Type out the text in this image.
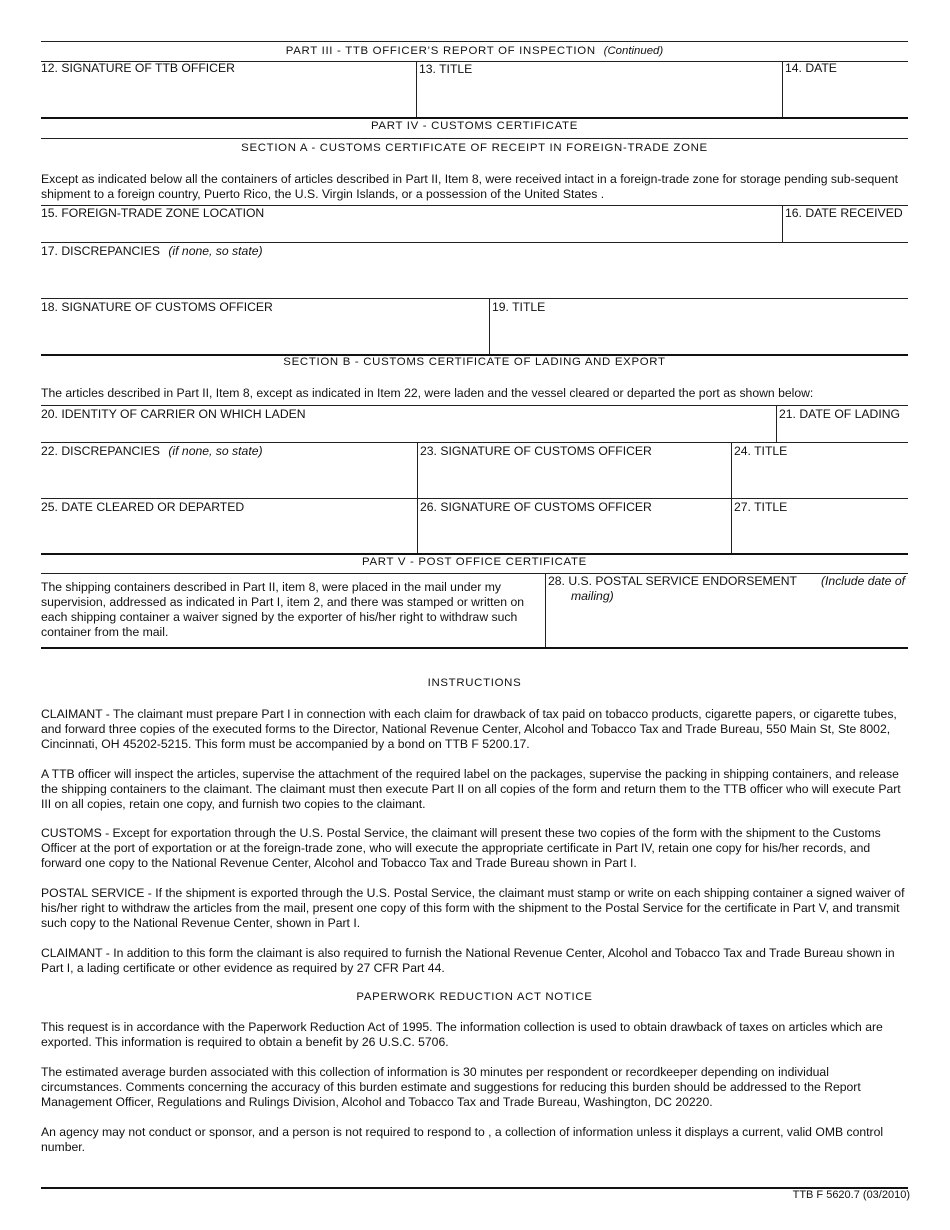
PART III - TTB OFFICER’S REPORT OF INSPECTION (Continued)
12. SIGNATURE OF TTB OFFICER	13. TITLE	14. DATE
PART IV - CUSTOMS CERTIFICATE
SECTION A - CUSTOMS CERTIFICATE OF RECEIPT IN FOREIGN-TRADE ZONE
Except as indicated below all the containers of articles described in Part II, Item 8, were received intact in a foreign-trade zone for storage pending sub-sequent shipment to a foreign country, Puerto Rico, the U.S. Virgin Islands, or a possession of the United States .
15. FOREIGN-TRADE ZONE LOCATION	16. DATE RECEIVED
17. DISCREPANCIES (if none, so state)
18. SIGNATURE OF CUSTOMS OFFICER	19. TITLE
SECTION B - CUSTOMS CERTIFICATE OF LADING AND EXPORT
The articles described in Part II, Item 8, except as indicated in Item 22, were laden and the vessel cleared or departed the port as shown below:
20. IDENTITY OF CARRIER ON WHICH LADEN	21. DATE OF LADING
22. DISCREPANCIES (if none, so state)	23. SIGNATURE OF CUSTOMS OFFICER	24. TITLE
25. DATE CLEARED OR DEPARTED	26. SIGNATURE OF CUSTOMS OFFICER	27. TITLE
PART V - POST OFFICE CERTIFICATE
The shipping containers described in Part II, item 8, were placed in the mail under my supervision, addressed as indicated in Part I, item 2, and there was stamped or written on each shipping container a waiver signed by the exporter of his/her right to withdraw such container from the mail.
28. U.S. POSTAL SERVICE ENDORSEMENT (Include date of

mailing)
INSTRUCTIONS
CLAIMANT - The claimant must prepare Part I in connection with each claim for drawback of tax paid on tobacco products, cigarette papers, or cigarette tubes, and forward three copies of the executed forms to the Director, National Revenue Center, Alcohol and Tobacco Tax and Trade Bureau, 550 Main St, Ste 8002, Cincinnati, OH 45202-5215. This form must be accompanied by a bond on TTB F 5200.17.
A TTB officer will inspect the articles, supervise the attachment of the required label on the packages, supervise the packing in shipping containers, and release the shipping containers to the claimant. The claimant must then execute Part II on all copies of the form and return them to the TTB officer who will execute Part III on all copies, retain one copy, and furnish two copies to the claimant.
CUSTOMS - Except for exportation through the U.S. Postal Service, the claimant will present these two copies of the form with the shipment to the Customs Officer at the port of exportation or at the foreign-trade zone, who will execute the appropriate certificate in Part IV, retain one copy for his/her records, and forward one copy to the National Revenue Center, Alcohol and Tobacco Tax and Trade Bureau shown in Part I.
POSTAL SERVICE - If the shipment is exported through the U.S. Postal Service, the claimant must stamp or write on each shipping container a signed waiver of his/her right to withdraw the articles from the mail, present one copy of this form with the shipment to the Postal Service for the certificate in Part V, and transmit such copy to the National Revenue Center, shown in Part I.
CLAIMANT - In addition to this form the claimant is also required to furnish the National Revenue Center, Alcohol and Tobacco Tax and Trade Bureau shown in Part I, a lading certificate or other evidence as required by 27 CFR Part 44.
PAPERWORK REDUCTION ACT NOTICE
This request is in accordance with the Paperwork Reduction Act of 1995. The information collection is used to obtain drawback of taxes on articles which are exported. This information is required to obtain a benefit by 26 U.S.C. 5706.
The estimated average burden associated with this collection of information is 30 minutes per respondent or recordkeeper depending on individual circumstances. Comments concerning the accuracy of this burden estimate and suggestions for reducing this burden should be addressed to the Report Management Officer, Regulations and Rulings Division, Alcohol and Tobacco Tax and Trade Bureau, Washington, DC 20220.
An agency may not conduct or sponsor, and a person is not required to respond to , a collection of information unless it displays a current, valid OMB control number.
TTB F 5620.7 (03/2010)
